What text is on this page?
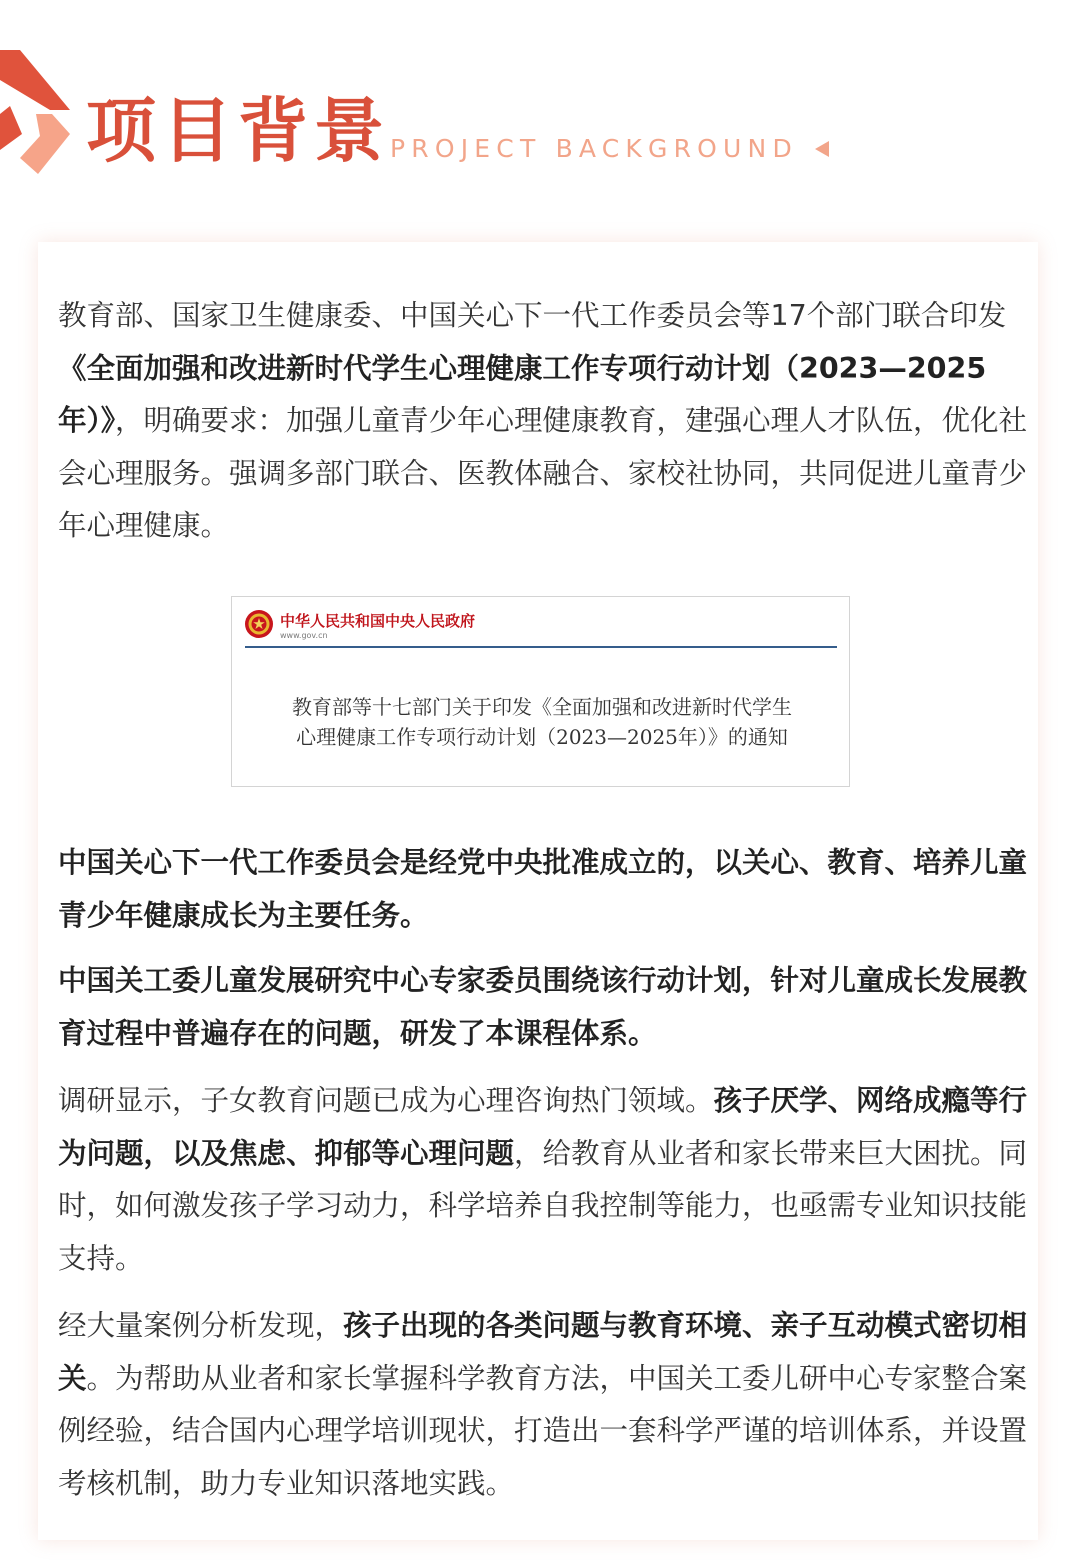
项目背景 PROJECT BACKGROUND

教育部、国家卫生健康委、中国关心下一代工作委员会等17个部门联合印发《全面加强和改进新时代学生心理健康工作专项行动计划（2023—2025年）》，明确要求：加强儿童青少年心理健康教育，建强心理人才队伍，优化社会心理服务。强调多部门联合、医教体融合、家校社协同，共同促进儿童青少年心理健康。

中华人民共和国中央人民政府
www.gov.cn
教育部等十七部门关于印发《全面加强和改进新时代学生心理健康工作专项行动计划（2023—2025年）》的通知

中国关心下一代工作委员会是经党中央批准成立的，以关心、教育、培养儿童青少年健康成长为主要任务。

中国关工委儿童发展研究中心专家委员围绕该行动计划，针对儿童成长发展教育过程中普遍存在的问题，研发了本课程体系。

调研显示，子女教育问题已成为心理咨询热门领域。孩子厌学、网络成瘾等行为问题，以及焦虑、抑郁等心理问题，给教育从业者和家长带来巨大困扰。同时，如何激发孩子学习动力，科学培养自我控制等能力，也亟需专业知识技能支持。

经大量案例分析发现，孩子出现的各类问题与教育环境、亲子互动模式密切相关。为帮助从业者和家长掌握科学教育方法，中国关工委儿研中心专家整合案例经验，结合国内心理学培训现状，打造出一套科学严谨的培训体系，并设置考核机制，助力专业知识落地实践。
